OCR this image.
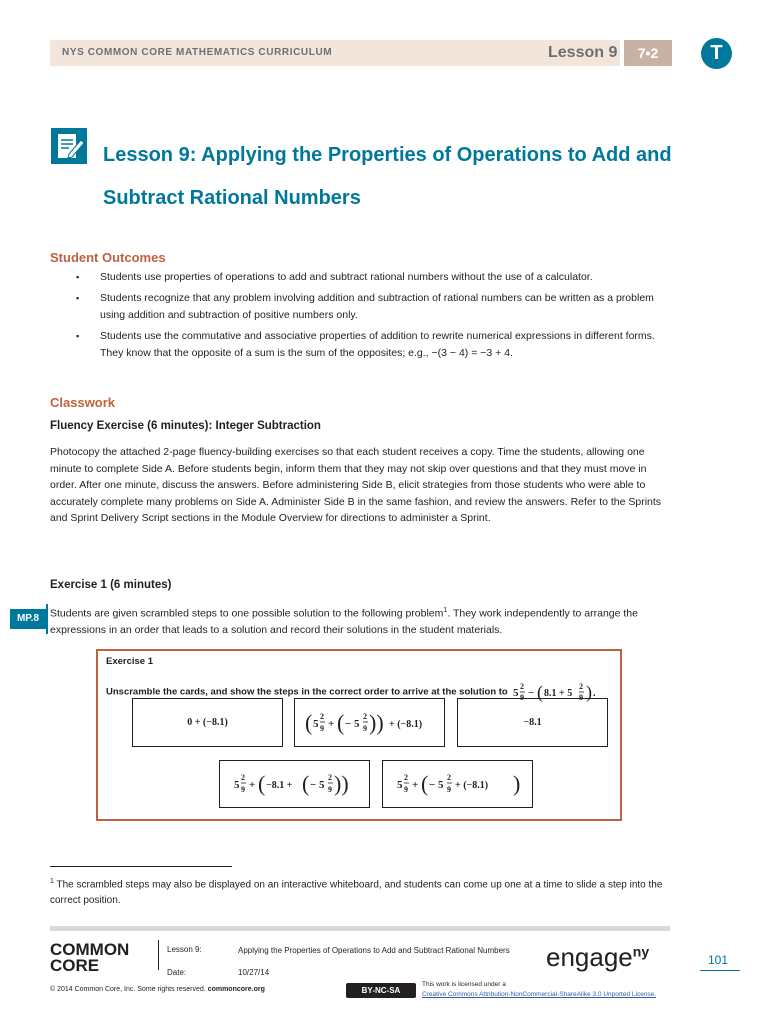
NYS COMMON CORE MATHEMATICS CURRICULUM	Lesson 9	7•2	T
Lesson 9: Applying the Properties of Operations to Add and
Subtract Rational Numbers
Student Outcomes
▪ Students use properties of operations to add and subtract rational numbers without the use of a calculator.
▪ Students recognize that any problem involving addition and subtraction of rational numbers can be written as a problem using addition and subtraction of positive numbers only.
▪ Students use the commutative and associative properties of addition to rewrite numerical expressions in different forms. They know that the opposite of a sum is the sum of the opposites; e.g., −(3 − 4) = −3 + 4.
Classwork
Fluency Exercise (6 minutes): Integer Subtraction
Photocopy the attached 2-page fluency-building exercises so that each student receives a copy. Time the students, allowing one minute to complete Side A. Before students begin, inform them that they may not skip over questions and that they must move in order. After one minute, discuss the answers. Before administering Side B, elicit strategies from those students who were able to accurately complete many problems on Side A. Administer Side B in the same fashion, and review the answers. Refer to the Sprints and Sprint Delivery Script sections in the Module Overview for directions to administer a Sprint.
Exercise 1 (6 minutes)
MP.8	Students are given scrambled steps to one possible solution to the following problem$^1$. They work independently to arrange the expressions in an order that leads to a solution and record their solutions in the student materials.
Exercise 1
Unscramble the cards, and show the steps in the correct order to arrive at the solution to 5
2
9 − ( 8.1 + 5
2
9 ) .
0 + (−8.1)	( 5
2
9 + ( − 5
2
9 )) + (−8.1)	−8.1
5
2
9 + ( ( − 5
2
9 ))
−8.1 +	5
2
9 + ( − 5
2
9	)
+ (−8.1)
$^1$ The scrambled steps may also be displayed on an interactive whiteboard, and students can come up one at a time to slide a step into the correct position.
COMMON
CORE
Lesson 9:
Date:
Applying the Properties of Operations to Add and Subtract Rational Numbers
10/27/14
© 2014 Common Core, Inc. Some rights reserved. commoncore.org
engage$^{ny}$
101
BY-NC-SA
This work is licensed under a
Creative Commons Attribution-NonCommercial-ShareAlike 3.0 Unported License.
